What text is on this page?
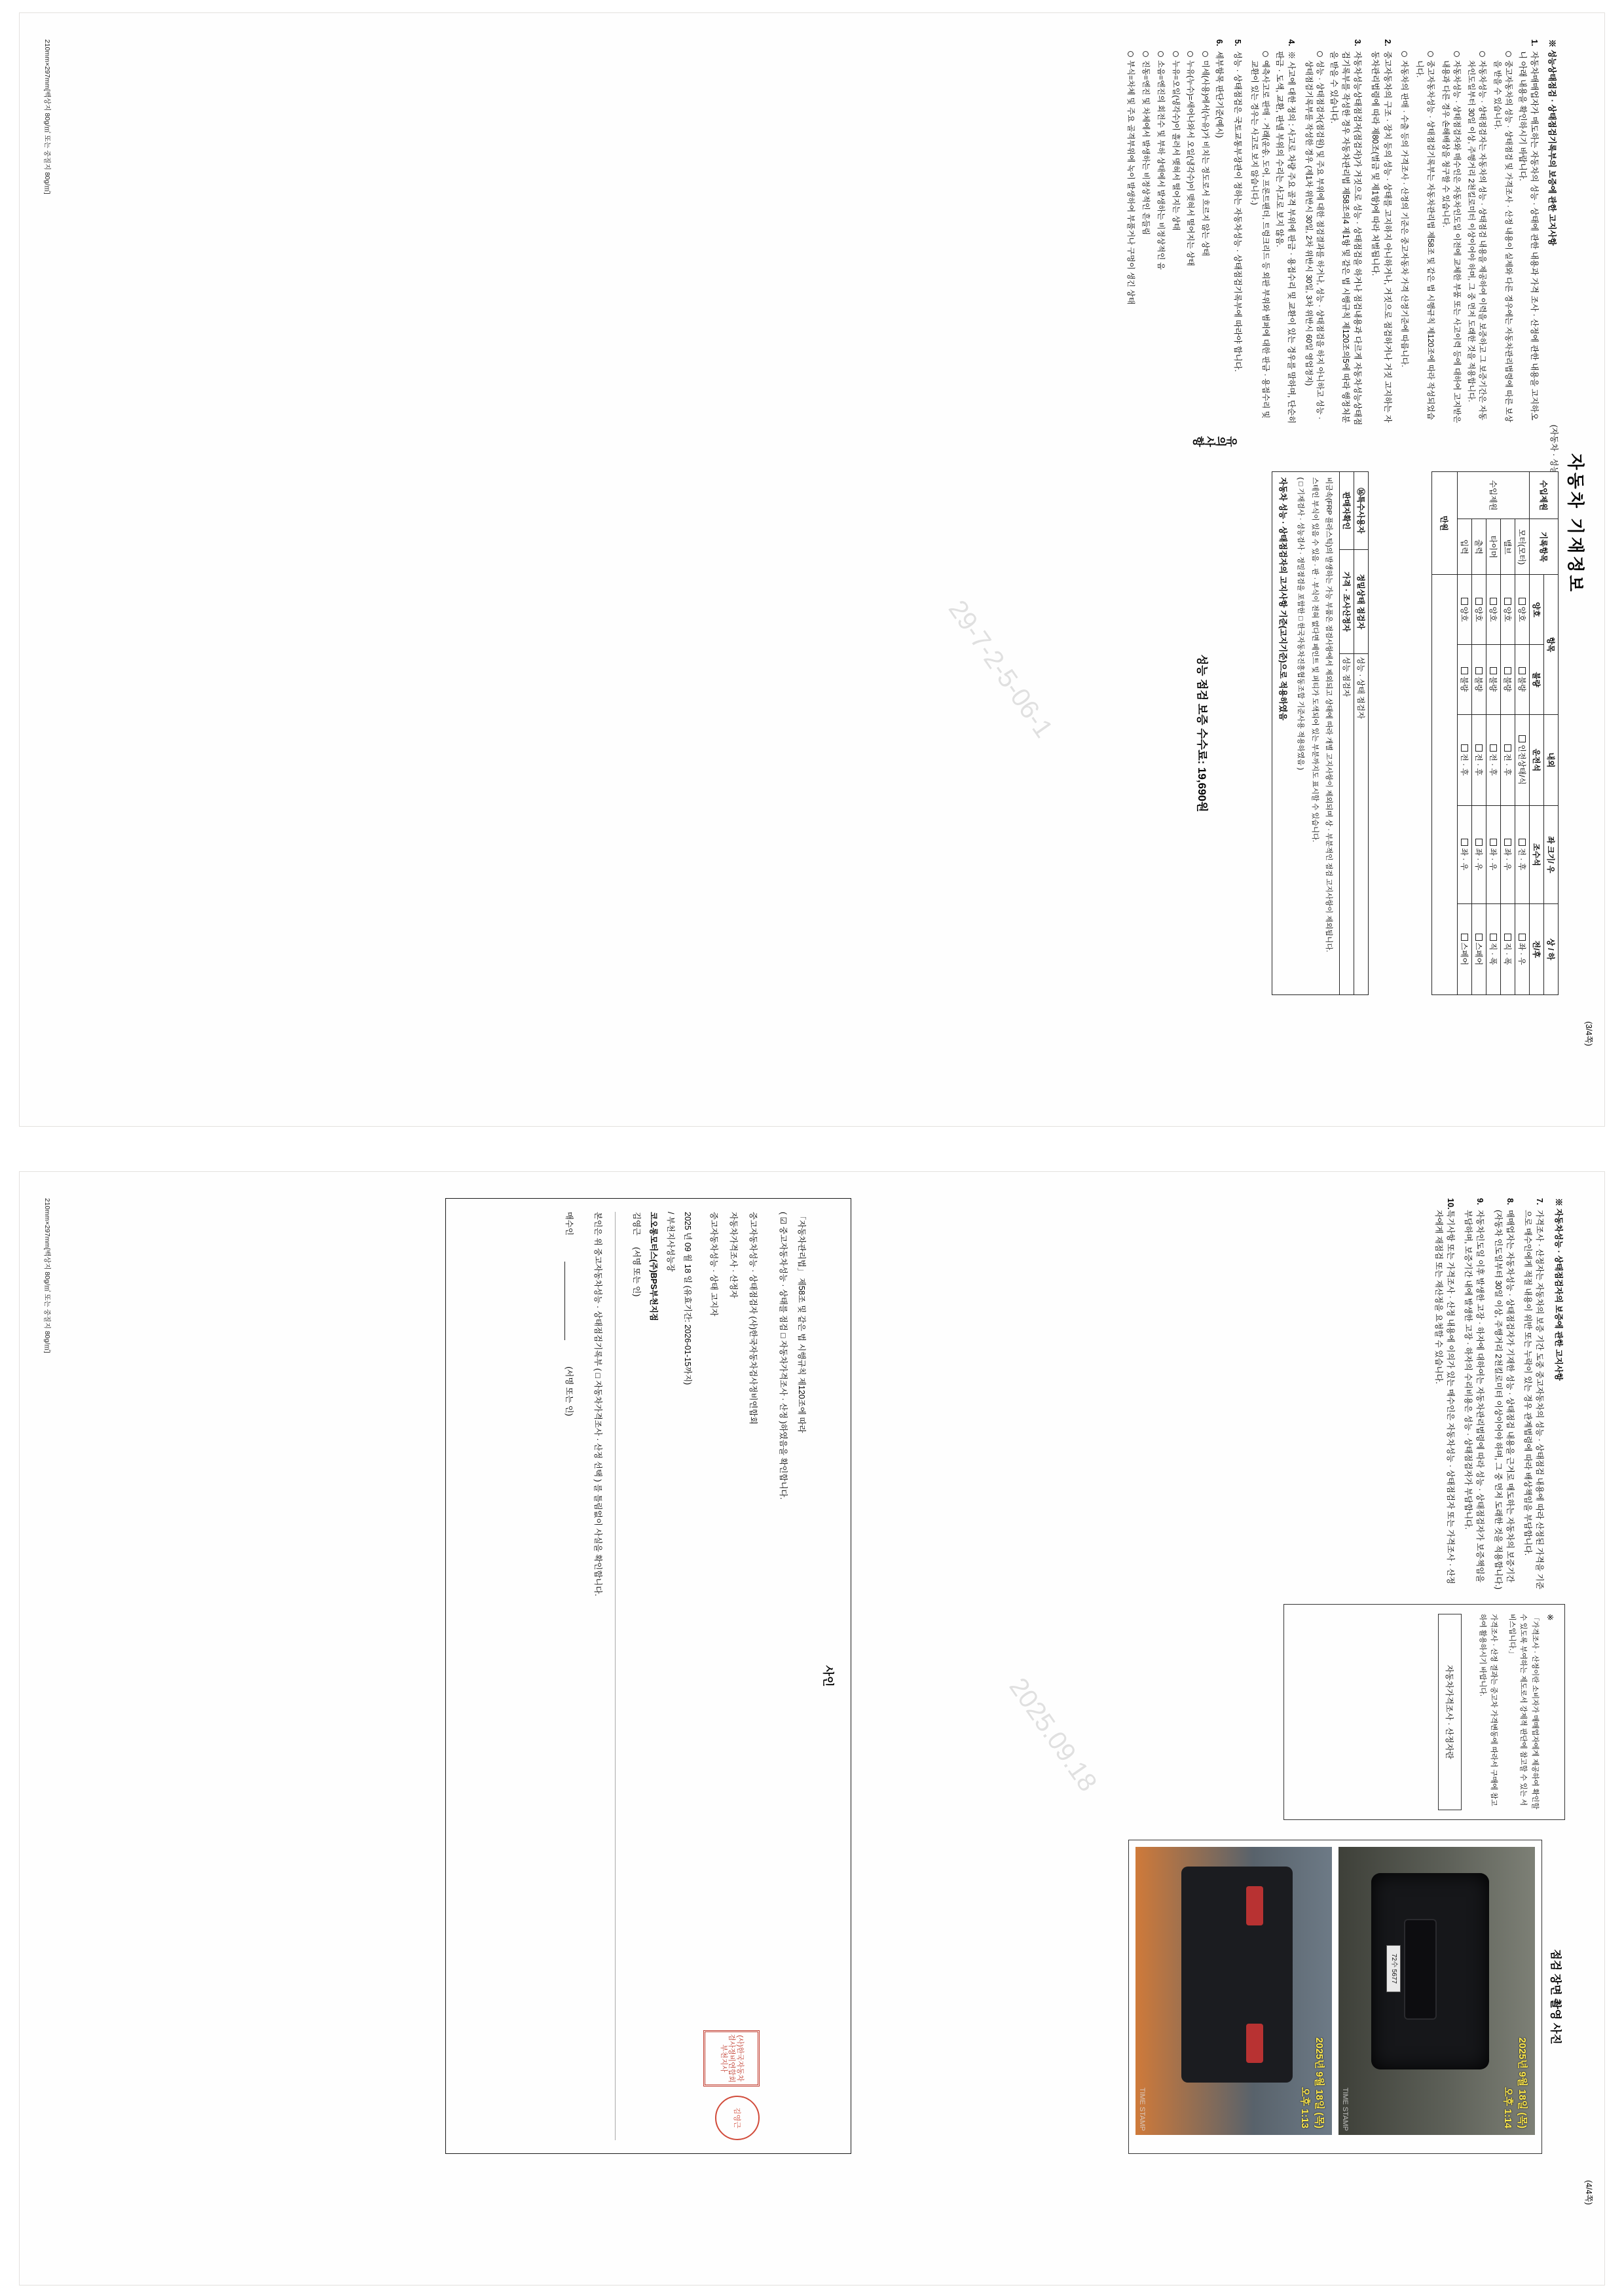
(3/4쪽)
자동차 기재정보
수입제원	기록항목	항목		내외	좌 크기/ 우	상 / 하
		양호	불량	운전석	조수석	전/후
수입제원	모터(모터)	양호	불량	인전상태/식	전 · 후	좌 · 우
	밸브	양호	불량	전 · 후	좌 · 우	직 · 폭
	타이머	양호	불량	전 · 후	좌 · 우	직 · 폭
	출력	양호	불량	전 · 후	좌 · 우	스페어
	입력	양호	불량	전 · 후	좌 · 우	스페어
만원						
⑯특수사용자	정밀상태 점검자	성능 · 상태 점검자
판매자확인	가격 · 조사산정자	성능 점검자

비금속(FRP 플라스틱)의 발생하는 가능 부품은 점검사항에서 제외되고 상태에 따라 개별 고지사항이 제외되며 상 · 부분적인 점검 고지사항이 제외됩니다.
스테인 부식이 있음 수 있음 · 판 · 부식이 전혀 없다면 페인트 및 퍼티가 도색되어 있는 부분까지도 표시할 수 있습니다.
( □ 기재검사 · 성능검사 · 정밀점검을 포함한 □ 한국자동차진흥협동조합 기준사용 적용하였음 )
자동차 성능 · 상태점검자의 고지사항 기준(고지기준)으로 적용하였음		
성능 점검 보증 수수료: 19,690원
유의사항
※ 성능상태점검 · 상태점검기록부의 보증에 관한 고지사항
1.
자동차매매업자가 매도하는 자동차의 성능 · 상태에 관한 내용과 가격 조사 · 산정에 관한 내용을 고지하오니 아래 내용을 확인하시기 바랍니다.
중고자동차의 성능 · 상태점검 및 가격조사 · 산정 내용이 실제와 다른 경우에는 자동차관리법령에 따른 보상을 받을 수 있습니다.
자동차성능 · 상태점검자는 자동차의 성능 · 상태점검 내용을 제공하여 이력을 보증하고 그 보증기간은 자동차인도일부터 30일 이상, 주행거리 2천킬로미터 이상이어야 하며, 그 중 먼저 도래한 것을 적용합니다.
자동차성능 · 상태점검자와 매수인은 자동차인도일 이전에 교체한 부품 또는 사고이력 등에 대하여 고지받은 내용과 다른 경우 손해배상을 청구할 수 있습니다.
중고자동차성능 · 상태점검기록부는 자동차관리법 제58조 및 같은 법 시행규칙 제120조에 따라 작성되었습니다.
자동차의 판매 · 수출 등의 가격조사 · 산정의 기준은 중고자동차 가격 산정기준에 따릅니다.
2.
중고자동차의 구조 · 장치 등의 성능 · 상태를 고지하지 아니하거나, 거짓으로 점검하거나 거짓 고지하는 자동차관리법령에 따라 제80조(벌금 및 제1항)에 따라 처벌됩니다.
3.
자동차성능상태점검자(점검자)가 거짓으로 성능 · 상태점검을 하거나 점검내용과 다르게 자동차성능상태점검기록부를 작성한 경우 자동차관리법 제58조의4 제1항 및 같은 법 시행규칙 제120조의5에 따라 행정처분을 받을 수 있습니다.
성능 · 상태점검자(점검원) 및 주요 부위에 대한 점검결과를 하거나, 성능 · 상태점검을 하지 아니하고 성능 · 상태점검기록부를 작성한 경우 (제1차 위반시 30일, 2차 위반시 30일, 3차 위반시 60일 영업정지)
4.
※ 사고에 대한 정의 : 사고로 차량 주요 골격 부위에 판금 · 용접수리 및 교환이 있는 경우를 말하며, 단순히 판금 · 도색, 교환, 판넬 부위의 수리는 사고로 보지 않음.
예측사고로 판매 · 거래(운송, 도어, 프론트팬더, 트렁크리드 등 외판 부위와 범퍼에 대한 판금 · 용접수리 및 교환이 있는 경우는 사고로 보지 않습니다.)
5.
성능 · 상태점검은 국토교통부장관이 정하는 자동차성능 · 상태점검기록부에 따라야 합니다.
6.
세부항목 판단기준(예시)
미세(사용)에서(누유)가 비치는 정도로서 흐르지 않는 상태
누유(누수)=새어나와서 오일(냉각수)이 맺혀서 떨어지는 상태
누유=오일(냉각수)이 흘러서 맺혀서 떨어지는 상태
소음=엔진의 회전수 및 부하 상태에서 발생하는 비정상적인 음
진동=엔진 및 차체에서 발생하는 비정상적인 흔들림
부식=차체 및 주요 골격부위에 녹이 발생하여 부풀거나 구멍이 생긴 상태
210mm×297mm[백상지 80g/㎡ 또는 중질지 80g/㎡]
29-7-2-5-06-1
(4/4쪽)
※ 자동차성능 · 상태점검자의 보증에 관한 고지사항
7.
가격조사 · 산정자는 자동차의 보증 기간 도중 중고자동차의 성능 · 상태점검 내용에 따라 산정된 가격을 기준으로 매수인에게 적절 내용이 위반 또는 누락이 있는 경우 관계법령에 따라 배상책임을 부담합니다.
8.
매매업자는 자동차성능 · 상태점검자가 기재한 성능 · 상태점검 내용을 근거로 매도하는 자동차의 보증기간(자동차 인도일부터 30일 이상, 주행거리 2천킬로미터 이상이어야 하며, 그 중 먼저 도래한 것을 적용합니다.)
9.
자동차인도일 이후 발생한 고장 · 하자에 대하여는 자동차관리법령에 따라 성능 · 상태점검자가 보증책임을 부담하며, 보증기간 내에 발생한 고장 · 하자의 수리비용은 성능 · 상태점검자가 부담합니다.
10.
특기사항 또는 가격조사 · 산정 내용에 이의가 있는 매수인은 자동차성능 · 상태점검자 또는 가격조사 · 산정자에게 재점검 또는 재산정을 요청할 수 있습니다.
※
「가격조사 · 산정이란 소비자가 매매업자에게 제공하여 확인할 수 있도록 부여하는 제도로서 강제적 판단에 참고할 수 있는 서비스입니다.」
가격조사 · 산정 결과는 중고차 가격변동에 따라서 구매에 참고하여 활용하시기 바랍니다.
자동차가격조사 · 산정자란
점검 장면 촬영 사진
72수 5677
2025년 9월 18일 (목)
오후 1:14
TIME STAMP
2025년 9월 18일 (목)
오후 1:13
TIME STAMP
사인
「자동차관리법」 제58조 및 같은 법 시행규칙 제120조에 따라
( ☑ 중고자동차성능 · 상태를 점검 □ 자동차가격조사 · 산정 )하였음을 확인합니다.
중고자동차성능 · 상태점검자 (사)한국자동차검사정비연합회
자동차가격조사 · 산정자
중고자동차성능 · 상태 고지자
2025 년 09 월 18 일 (유효기간: 2026-01-15까지)
/ 부천지사성능장
코오롱모터스(주)BPS부천지점
김영근 (서명 또는 인)
(사)한국자동차 검사정비연합회 부천지사
김영근
본인은 위 중고자동차성능 · 상태점검기록부 ( □ 자동차가격조사 · 산정 선택 ) 를 틀림없이 사실을 확인합니다.
매수인

(서명 또는 인)
210mm×297mm[백상지 80g/㎡ 또는 중질지 80g/㎡]
2025.09.18
